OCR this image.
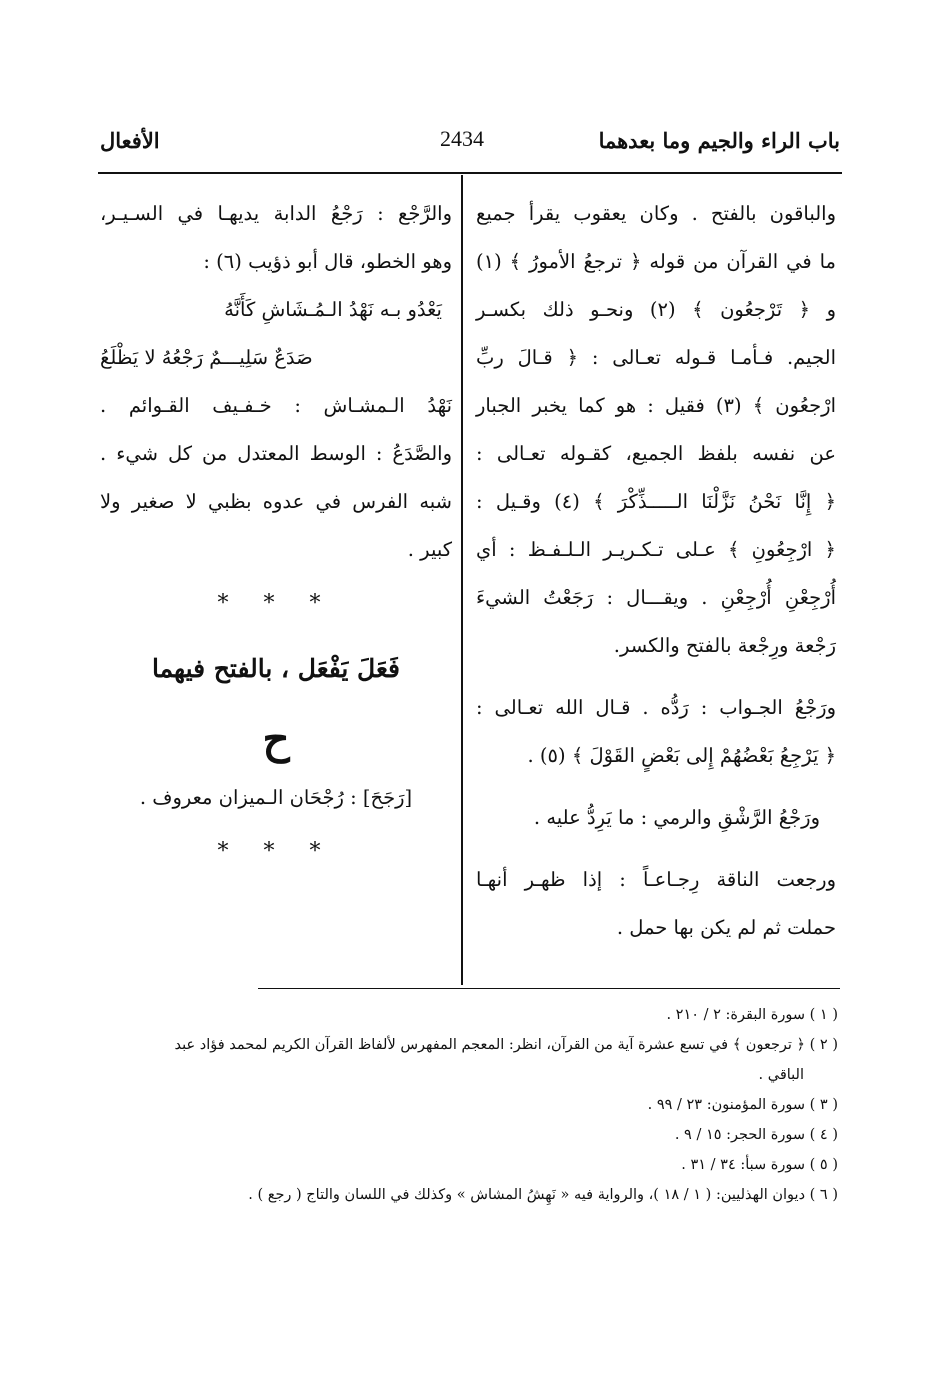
باب الراء والجيم وما بعدهما
2434
الأفعال
والباقون بالفتح . وكان يعقوب يقرأ جميع
ما في القرآن من قوله ﴿ ترجعُ الأمورُ ﴾ (١)
و ﴿ تَرْجعُون ﴾ (٢) ونحـو ذلك بكسـر
الجيم. فـأمـا قـوله تعـالى : ﴿ قـالَ ربِّ
ارْجعُون ﴾ (٣) فقيل : هو كما يخبر الجبار
عن نفسه بلفظ الجميع، كقـوله تعـالى :
﴿ إِنَّا نَحْنُ نَزَّلْنَا الـــــذِّكْرَ ﴾ (٤) وقـيل :
﴿ ارْجِعُونِ ﴾ عـلى تـكـريـر الـلـفـظ : أي
أُرْجِعْنِ أُرْجِعْنِ . ويقـــال : رَجَعْتُ الشيءَ
رَجْعة ورِجْعة بالفتح والكسر.
ورَجْعُ الجـواب : رَدُّه . قـال الله تعـالى :
﴿ يَرْجِعُ بَعْضُهُمْ إِلى بَعْضٍ القَوْلَ ﴾ (٥) .
ورَجْعُ الرَّشْقِ والرمي : ما يَرِدُّ عليه .
ورجعت الناقة رِجـاعـاً : إذا ظهـر أنهـا
حملت ثم لم يكن بها حمل .
والرَّجْع : رَجْعُ الدابة يديهـا في السـيـر،
وهو الخطو، قال أبو ذؤيب (٦) :
يَعْدُو بـه نَهْدُ الـمُـشَاشِ كَأَنَّهُ
صَدَعٌ سَلِيـــمٌ رَجْعُهُ لا يَظْلَعُ
نَهْدُ الـمشـاش : خـفـيف القـوائم .
والصَّدَعُ : الوسط المعتدل من كل شيء .
شبه الفرس في عدوه بظبي لا صغير ولا
كبير .
* * *
فَعَلَ يَفْعَل ، بالفتح فيهما
ح
[رَجَحَ] : رُجْحَان الـميزان معروف .
* * *
( ١ ) سورة البقرة: ٢ / ٢١٠ .
( ٢ ) ﴿ ترجعون ﴾ في تسع عشرة آية من القرآن، انظر: المعجم المفهرس لألفاظ القرآن الكريم لمحمد فؤاد عبد
الباقي .
( ٣ ) سورة المؤمنون: ٢٣ / ٩٩ .
( ٤ ) سورة الحجر: ١٥ / ٩ .
( ٥ ) سورة سبأ: ٣٤ / ٣١ .
( ٦ ) ديوان الهذليين: ( ١ / ١٨ )، والرواية فيه « نَهِشُ المشاش » وكذلك في اللسان والتاج ( رجع ) .
